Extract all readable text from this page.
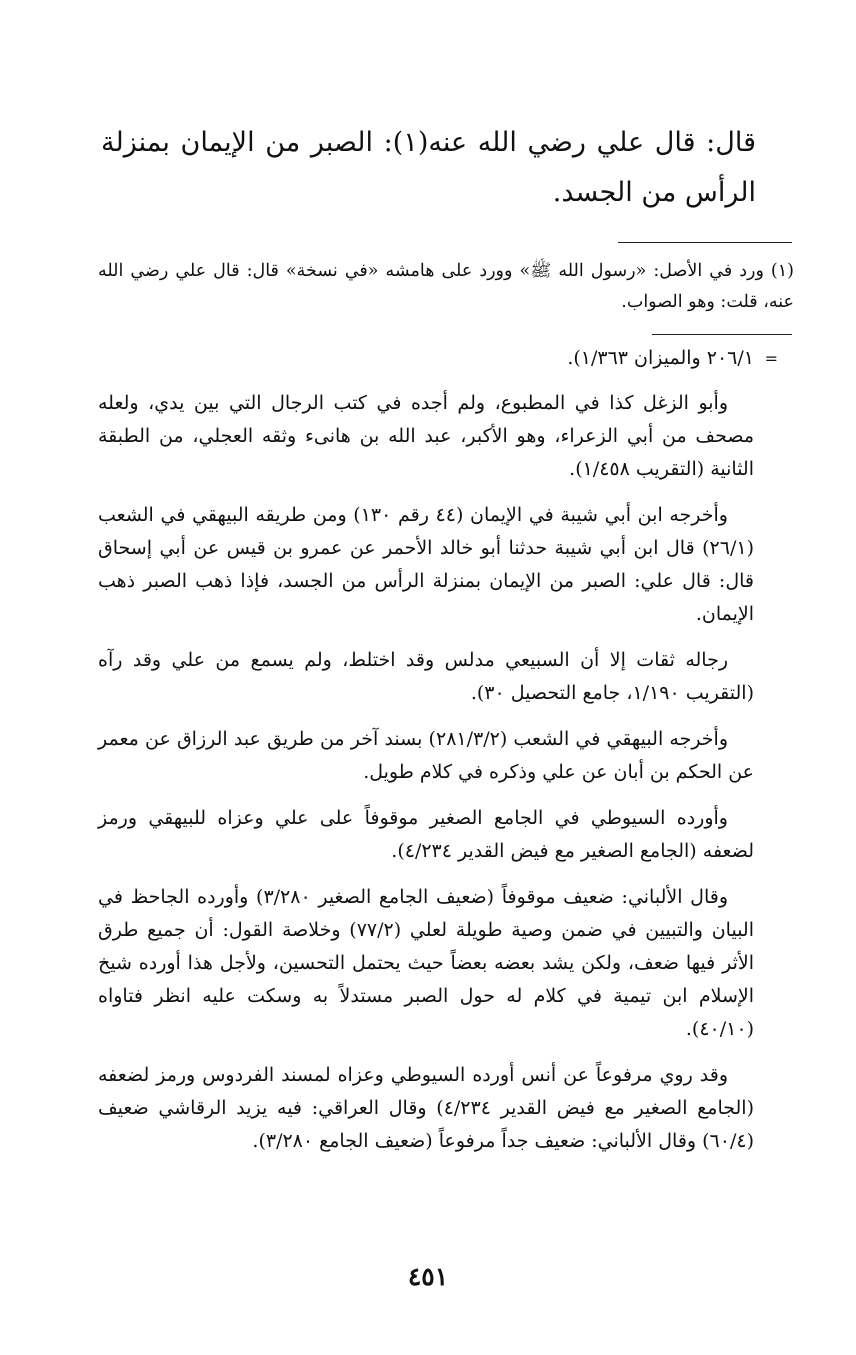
قال: قال علي رضي الله عنه(١): الصبر من الإيمان بمنزلة الرأس من الجسد.

(١) ورد في الأصل: «رسول الله ﷺ» وورد على هامشه «في نسخة» قال: قال علي رضي الله عنه، قلت: وهو الصواب.

=

٢٠٦/١ والميزان ١/٣٦٣).

وأبو الزغل كذا في المطبوع، ولم أجده في كتب الرجال التي بين يدي، ولعله مصحف من أبي الزعراء، وهو الأكبر، عبد الله بن هانىء وثقه العجلي، من الطبقة الثانية (التقريب ١/٤٥٨).

وأخرجه ابن أبي شيبة في الإيمان (٤٤ رقم ١٣٠) ومن طريقه البيهقي في الشعب (٢٦/١) قال ابن أبي شيبة حدثنا أبو خالد الأحمر عن عمرو بن قيس عن أبي إسحاق قال: قال علي: الصبر من الإيمان بمنزلة الرأس من الجسد، فإذا ذهب الصبر ذهب الإيمان.

رجاله ثقات إلا أن السبيعي مدلس وقد اختلط، ولم يسمع من علي وقد رآه (التقريب ١/١٩٠، جامع التحصيل ٣٠).

وأخرجه البيهقي في الشعب (٢٨١/٣/٢) بسند آخر من طريق عبد الرزاق عن معمر عن الحكم بن أبان عن علي وذكره في كلام طويل.

وأورده السيوطي في الجامع الصغير موقوفاً على علي وعزاه للبيهقي ورمز لضعفه (الجامع الصغير مع فيض القدير ٤/٢٣٤).

وقال الألباني: ضعيف موقوفاً (ضعيف الجامع الصغير ٣/٢٨٠) وأورده الجاحظ في البيان والتبيين في ضمن وصية طويلة لعلي (٧٧/٢) وخلاصة القول: أن جميع طرق الأثر فيها ضعف، ولكن يشد بعضه بعضاً حيث يحتمل التحسين، ولأجل هذا أورده شيخ الإسلام ابن تيمية في كلام له حول الصبر مستدلاً به وسكت عليه انظر فتاواه (٤٠/١٠).

وقد روي مرفوعاً عن أنس أورده السيوطي وعزاه لمسند الفردوس ورمز لضعفه (الجامع الصغير مع فيض القدير ٤/٢٣٤) وقال العراقي: فيه يزيد الرقاشي ضعيف (٦٠/٤) وقال الألباني: ضعيف جداً مرفوعاً (ضعيف الجامع ٣/٢٨٠).

٤٥١
